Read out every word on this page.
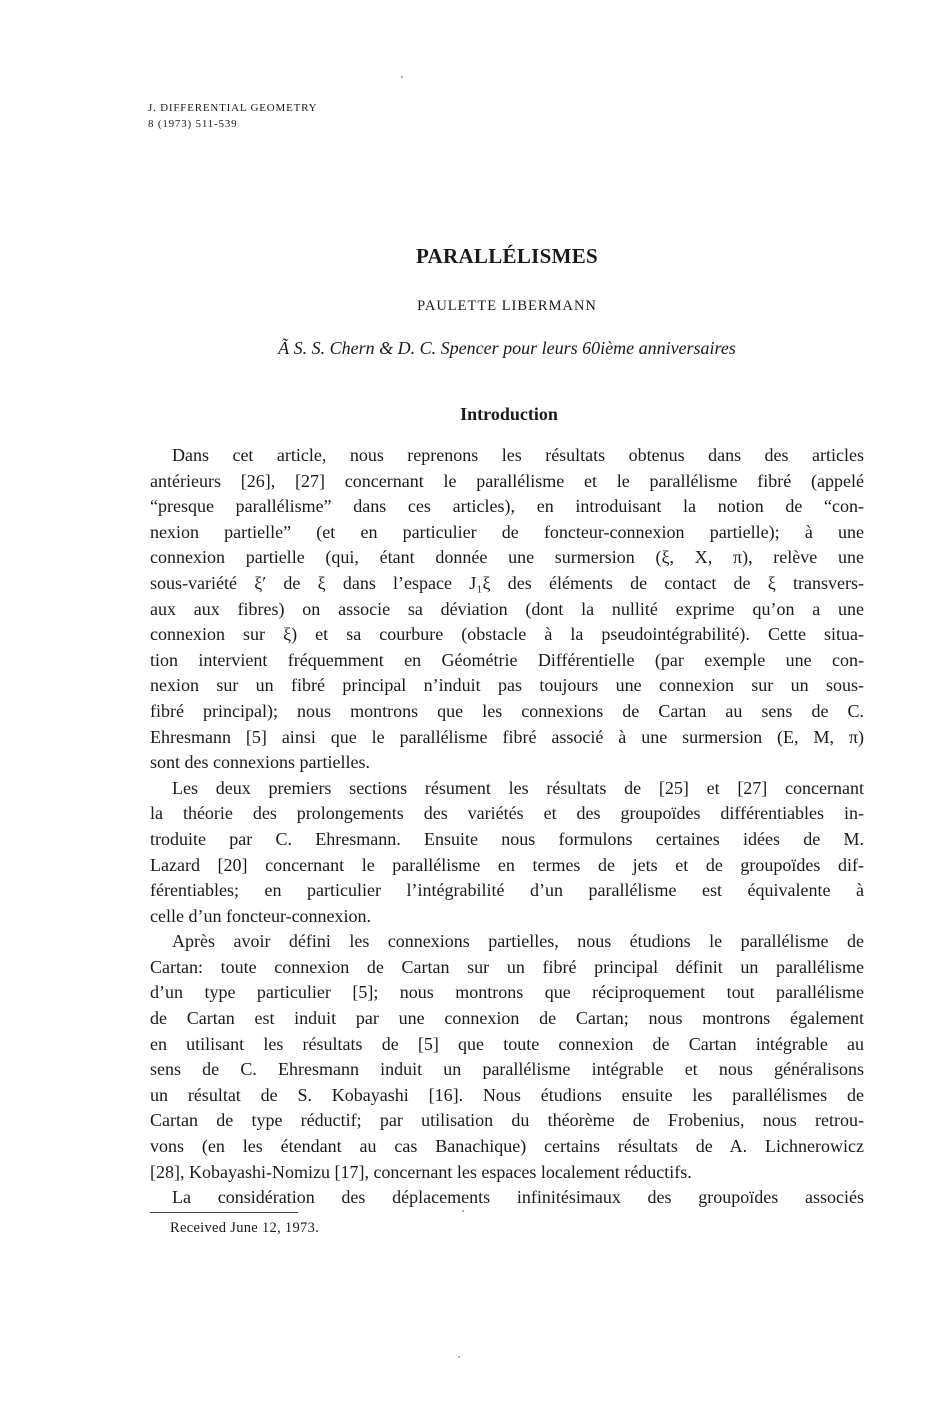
J. DIFFERENTIAL GEOMETRY
8 (1973) 511-539
PARALLÉLISMES
PAULETTE LIBERMANN
Ã S. S. Chern & D. C. Spencer pour leurs 60ième anniversaires
Introduction
Dans cet article, nous reprenons les résultats obtenus dans des articles
antérieurs [26], [27] concernant le parallélisme et le parallélisme fibré (appelé
“presque parallélisme” dans ces articles), en introduisant la notion de “con-
nexion partielle” (et en particulier de foncteur-connexion partielle); à une
connexion partielle (qui, étant donnée une surmersion (ξ, X, π), relève une
sous-variété ξ′ de ξ dans l’espace J₁ξ des éléments de contact de ξ transvers-
aux aux fibres) on associe sa déviation (dont la nullité exprime qu’on a une
connexion sur ξ) et sa courbure (obstacle à la pseudointégrabilité). Cette situa-
tion intervient fréquemment en Géométrie Différentielle (par exemple une con-
nexion sur un fibré principal n’induit pas toujours une connexion sur un sous-
fibré principal); nous montrons que les connexions de Cartan au sens de C.
Ehresmann [5] ainsi que le parallélisme fibré associé à une surmersion (E, M, π)
sont des connexions partielles.
Les deux premiers sections résument les résultats de [25] et [27] concernant
la théorie des prolongements des variétés et des groupoïdes différentiables in-
troduite par C. Ehresmann. Ensuite nous formulons certaines idées de M.
Lazard [20] concernant le parallélisme en termes de jets et de groupoïdes dif-
férentiables; en particulier l’intégrabilité d’un parallélisme est équivalente à
celle d’un foncteur-connexion.
Après avoir défini les connexions partielles, nous étudions le parallélisme de
Cartan: toute connexion de Cartan sur un fibré principal définit un parallélisme
d’un type particulier [5]; nous montrons que réciproquement tout parallélisme
de Cartan est induit par une connexion de Cartan; nous montrons également
en utilisant les résultats de [5] que toute connexion de Cartan intégrable au
sens de C. Ehresmann induit un parallélisme intégrable et nous généralisons
un résultat de S. Kobayashi [16]. Nous étudions ensuite les parallélismes de
Cartan de type réductif; par utilisation du théorème de Frobenius, nous retrou-
vons (en les étendant au cas Banachique) certains résultats de A. Lichnerowicz
[28], Kobayashi-Nomizu [17], concernant les espaces localement réductifs.
La considération des déplacements infinitésimaux des groupoïdes associés
Received June 12, 1973.
